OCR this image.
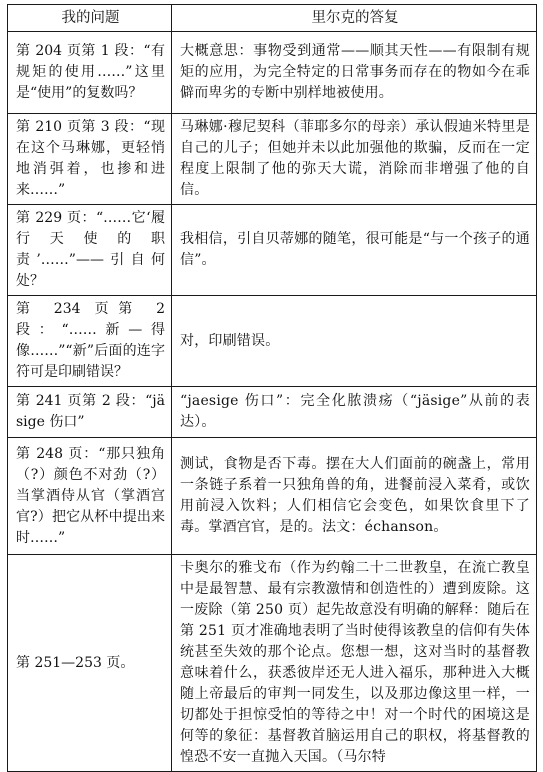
我的问题	里尔克的答复
第 204 页第 1 段：“有规矩的使用……”这里是“使用”的复数吗？	大概意思：事物受到通常——顺其天性——有限制有规矩的应用，为完全特定的日常事务而存在的物如今在乖僻而卑劣的专断中别样地被使用。
第 210 页第 3 段：“现在这个马琳娜，更轻悄地消弭着，也掺和进来……”	马琳娜·穆尼契科（菲耶多尔的母亲）承认假迪米特里是自己的儿子；但她并未以此加强他的欺骗，反而在一定程度上限制了他的弥天大谎，消除而非增强了他的自信。
第 229 页：“……它‘履行天使的职责’……”——引自何处？	我相信，引自贝蒂娜的随笔，很可能是“与一个孩子的通信”。
第 234 页第 2 段：“……新—得像……”“新”后面的连字符可是印刷错误？	对，印刷错误。
第 241 页第 2 段：“jäsige 伤口”	“jaesige 伤口”：完全化脓溃疡（“jäsige”从前的表达）。
第 248 页：“那只独角（?）颜色不对劲（?）当掌酒侍从官（掌酒宫官?）把它从杯中提出来时……”	测试，食物是否下毒。摆在大人们面前的碗盏上，常用一条链子系着一只独角兽的角，进餐前浸入菜肴，或饮用前浸入饮料；人们相信它会变色，如果饮食里下了毒。掌酒宫官，是的。法文：échanson。
第 251—253 页。	卡奥尔的雅戈布（作为约翰二十二世教皇，在流亡教皇中是最智慧、最有宗教激情和创造性的）遭到废除。这一废除（第 250 页）起先故意没有明确的解释：随后在第 251 页才准确地表明了当时使得该教皇的信仰有失体统甚至失效的那个论点。您想一想，这对当时的基督教意味着什么，获悉彼岸还无人进入福乐，那种进入大概随上帝最后的审判一同发生，以及那边像这里一样，一切都处于担惊受怕的等待之中！对一个时代的困境这是何等的象征：基督教首脑运用自己的职权，将基督教的惶恐不安一直抛入天国。（马尔特
